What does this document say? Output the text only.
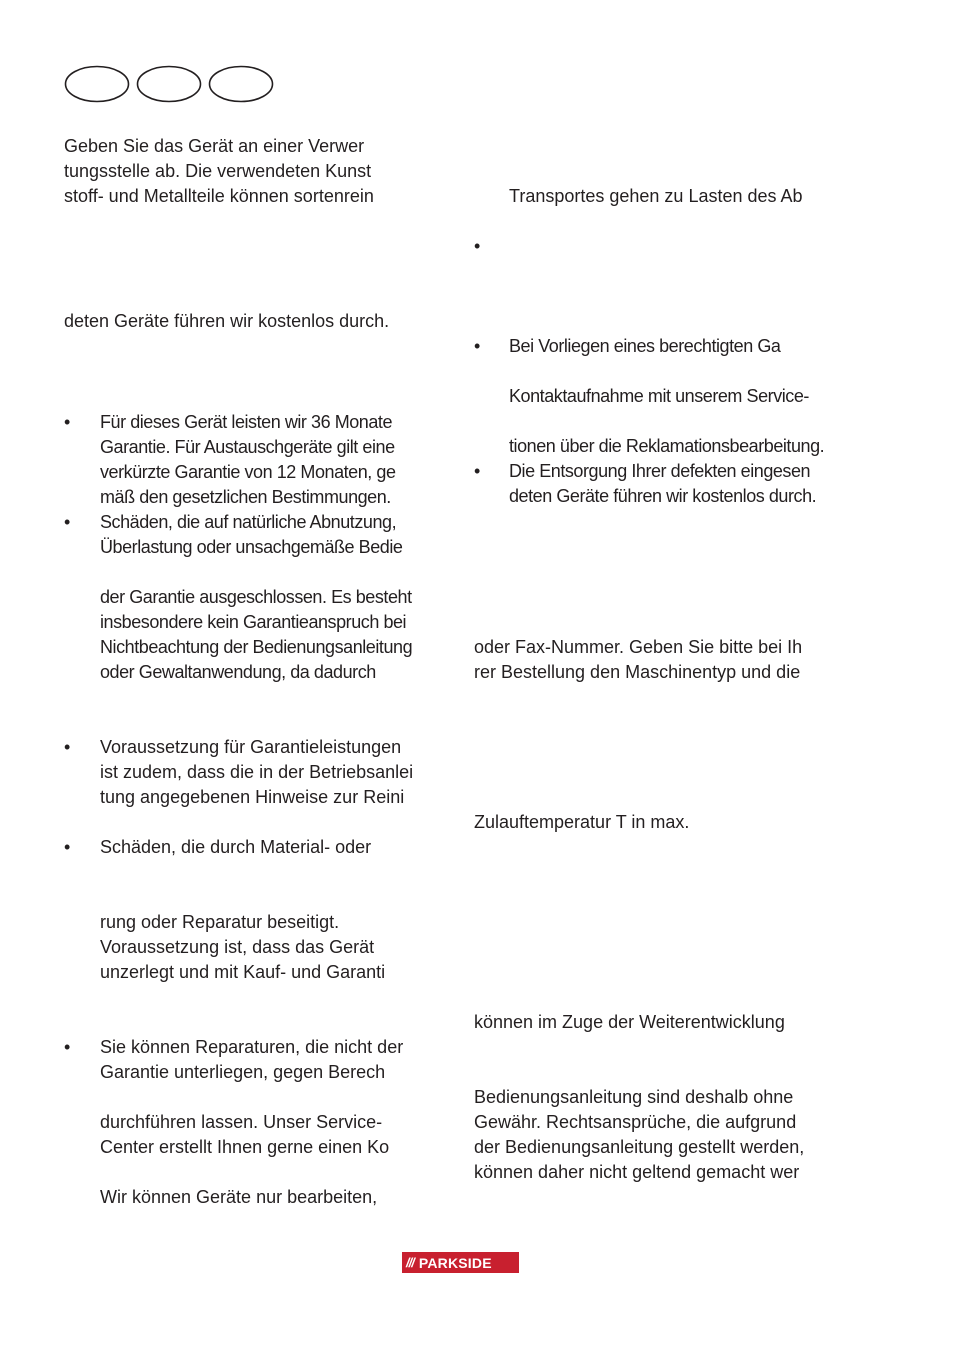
Geben Sie das Gerät an einer Verwer
tungsstelle ab. Die verwendeten Kunst
stoff- und Metallteile können sortenrein
deten Geräte führen wir kostenlos durch.
• Für dieses Gerät leisten wir 36 Monate
Garantie. Für Austauschgeräte gilt eine
verkürzte Garantie von 12 Monaten, ge
mäß den gesetzlichen Bestimmungen.
• Schäden, die auf natürliche Abnutzung,
Überlastung oder unsachgemäße Bedie
der Garantie ausgeschlossen. Es besteht
insbesondere kein Garantieanspruch bei
Nichtbeachtung der Bedienungsanleitung
oder Gewaltanwendung, da dadurch
• Voraussetzung für Garantieleistungen
ist zudem, dass die in der Betriebsanlei
tung angegebenen Hinweise zur Reini
• Schäden, die durch Material- oder
rung oder Reparatur beseitigt.
Voraussetzung ist, dass das Gerät
unzerlegt und mit Kauf- und Garanti
• Sie können Reparaturen, die nicht der
Garantie unterliegen, gegen Berech
durchführen lassen. Unser Service-
Center erstellt Ihnen gerne einen Ko
Wir können Geräte nur bearbeiten,
Transportes gehen zu Lasten des Ab
•
• Bei Vorliegen eines berechtigten Ga
Kontaktaufnahme mit unserem Service-
tionen über die Reklamationsbearbeitung.
• Die Entsorgung Ihrer defekten eingesen
deten Geräte führen wir kostenlos durch.
oder Fax-Nummer. Geben Sie bitte bei Ih
rer Bestellung den Maschinentyp und die
Zulauftemperatur T in max.
können im Zuge der Weiterentwicklung
Bedienungsanleitung sind deshalb ohne
Gewähr. Rechtsansprüche, die aufgrund
der Bedienungsanleitung gestellt werden,
können daher nicht geltend gemacht wer
/// PARKSIDE
